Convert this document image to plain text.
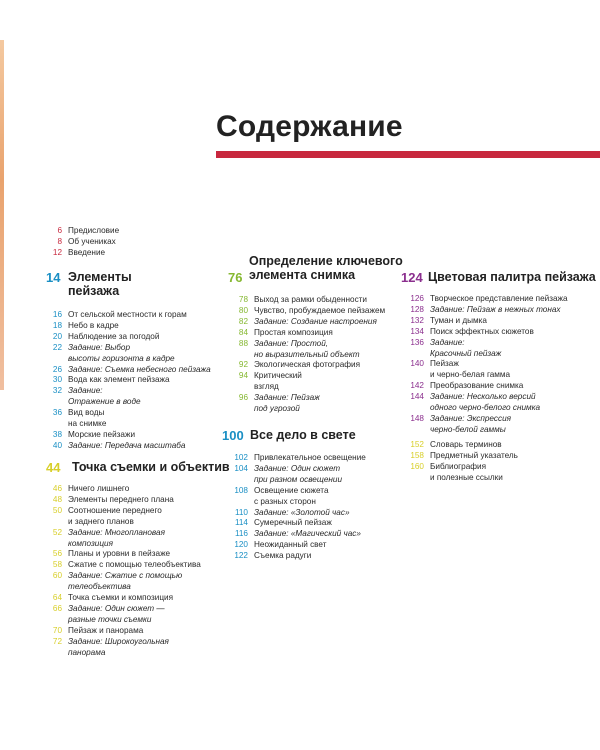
Содержание
6 Предисловие
8 Об учениках
12 Введение
14 Элементы
пейзажа
16 От сельской местности к горам
18 Небо в кадре
20 Наблюдение за погодой
22 Задание: Выбор
высоты горизонта в кадре
26 Задание: Съемка небесного пейзажа
30 Вода как элемент пейзажа
32 Задание:
Отражение в воде
36 Вид воды
на снимке
38 Морские пейзажи
40 Задание: Передача масштаба
44 Точка съемки и объектив
46 Ничего лишнего
48 Элементы переднего плана
50 Соотношение переднего
и заднего планов
52 Задание: Многоплановая
композиция
56 Планы и уровни в пейзаже
58 Сжатие с помощью телеобъектива
60 Задание: Сжатие с помощью
телеобъектива
64 Точка съемки и композиция
66 Задание: Один сюжет —
разные точки съемки
70 Пейзаж и панорама
72 Задание: Широкоугольная
панорама
76
Определение ключевого
элемента снимка
78 Выход за рамки обыденности
80 Чувство, пробуждаемое пейзажем
82 Задание: Создание настроения
84 Простая композиция
88 Задание: Простой,
но выразительный объект
92 Экологическая фотография
94 Критический
взгляд
96 Задание: Пейзаж
под угрозой
100 Все дело в свете
102 Привлекательное освещение
104 Задание: Один сюжет
при разном освещении
108 Освещение сюжета
с разных сторон
110 Задание: «Золотой час»
114 Сумеречный пейзаж
116 Задание: «Магический час»
120 Неожиданный свет
122 Съемка радуги
124 Цветовая палитра пейзажа
126 Творческое представление пейзажа
128 Задание: Пейзаж в нежных тонах
132 Туман и дымка
134 Поиск эффектных сюжетов
136 Задание:
Красочный пейзаж
140 Пейзаж
и черно-белая гамма
142 Преобразование снимка
144 Задание: Несколько версий
одного черно-белого снимка
148 Задание: Экспрессия
черно-белой гаммы
152 Словарь терминов
158 Предметный указатель
160 Библиография
и полезные ссылки
